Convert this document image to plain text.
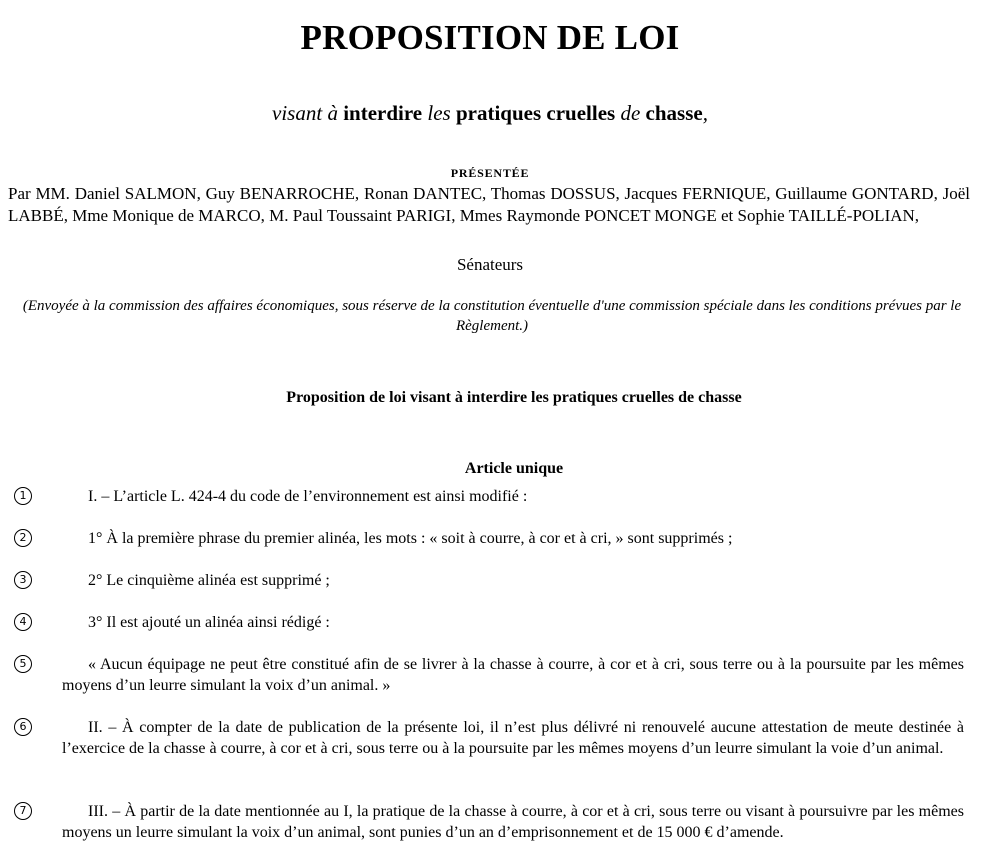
PROPOSITION DE LOI
visant à interdire les pratiques cruelles de chasse,
PRÉSENTÉE
Par MM. Daniel SALMON, Guy BENARROCHE, Ronan DANTEC, Thomas DOSSUS, Jacques FERNIQUE, Guillaume GONTARD, Joël LABBÉ, Mme Monique de MARCO, M. Paul Toussaint PARIGI, Mmes Raymonde PONCET MONGE et Sophie TAILLÉ-POLIAN,
Sénateurs
(Envoyée à la commission des affaires économiques, sous réserve de la constitution éventuelle d'une commission spéciale dans les conditions prévues par le Règlement.)
Proposition de loi visant à interdire les pratiques cruelles de chasse
Article unique
1	I. – L’article L. 424-4 du code de l’environnement est ainsi modifié :
2	1° À la première phrase du premier alinéa, les mots : « soit à courre, à cor et à cri, » sont supprimés ;
3	2° Le cinquième alinéa est supprimé ;
4	3° Il est ajouté un alinéa ainsi rédigé :
5	« Aucun équipage ne peut être constitué afin de se livrer à la chasse à courre, à cor et à cri, sous terre ou à la poursuite par les mêmes moyens d’un leurre simulant la voix d’un animal. »
6	II. – À compter de la date de publication de la présente loi, il n’est plus délivré ni renouvelé aucune attestation de meute destinée à l’exercice de la chasse à courre, à cor et à cri, sous terre ou à la poursuite par les mêmes moyens d’un leurre simulant la voie d’un animal.
7	III. – À partir de la date mentionnée au I, la pratique de la chasse à courre, à cor et à cri, sous terre ou visant à poursuivre par les mêmes moyens un leurre simulant la voix d’un animal, sont punies d’un an d’emprisonnement et de 15 000 € d’amende.
